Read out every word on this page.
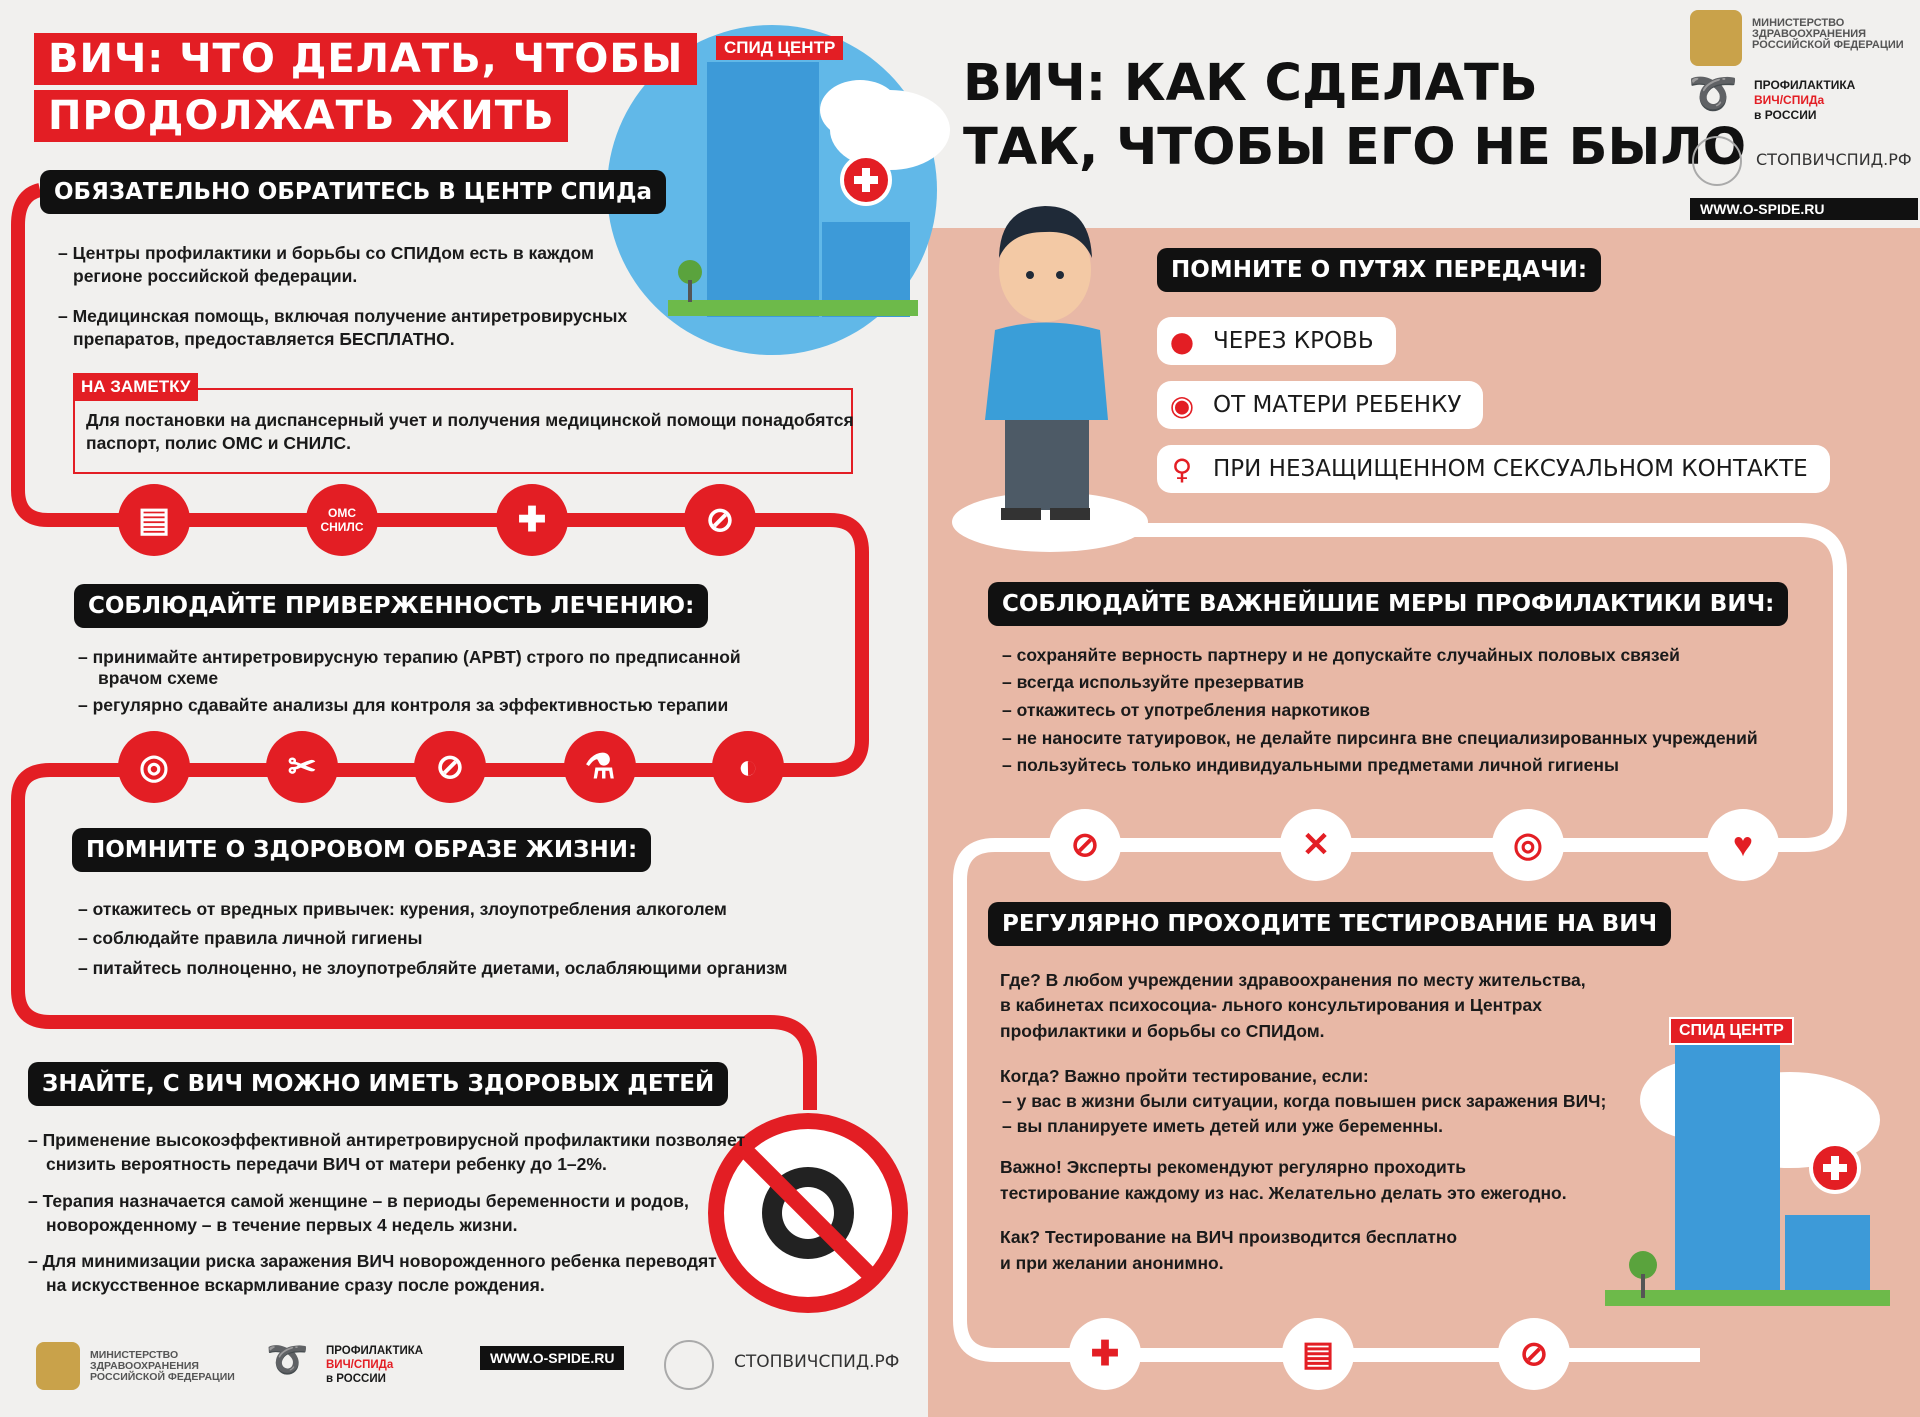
ВИЧ: ЧТО ДЕЛАТЬ, ЧТОБЫ
ПРОДОЛЖАТЬ ЖИТЬ
СПИД ЦЕНТР
ОБЯЗАТЕЛЬНО ОБРАТИТЕСЬ В ЦЕНТР СПИДа
– Центры профилактики и борьбы со СПИДом есть в каждом
регионе российской федерации.
– Медицинская помощь, включая получение антиретровирусных
препаратов, предоставляется БЕСПЛАТНО.
НА ЗАМЕТКУ
Для постановки на диспансерный учет и получения медицинской помощи понадобятся
паспорт, полис ОМС и СНИЛС.
▤	ОМС
СНИЛС	✚	⊘
СОБЛЮДАЙТЕ ПРИВЕРЖЕННОСТЬ ЛЕЧЕНИЮ:
– принимайте антиретровирусную терапию (АРВТ) строго по предписанной
врачом схеме
– регулярно сдавайте анализы для контроля за эффективностью терапии
◎	✂	⊘	⚗	◐
ПОМНИТЕ О ЗДОРОВОМ ОБРАЗЕ ЖИЗНИ:
– откажитесь от вредных привычек: курения, злоупотребления алкоголем
– соблюдайте правила личной гигиены
– питайтесь полноценно, не злоупотребляйте диетами, ослабляющими организм
ЗНАЙТЕ, С ВИЧ МОЖНО ИМЕТЬ ЗДОРОВЫХ ДЕТЕЙ
– Применение высокоэффективной антиретровирусной профилактики позволяет
снизить вероятность передачи ВИЧ от матери ребенку до 1–2%.
– Терапия назначается самой женщине – в периоды беременности и родов,
новорожденному – в течение первых 4 недель жизни.
– Для минимизации риска заражения ВИЧ новорожденного ребенка переводят
на искусственное вскармливание сразу после рождения.
МИНИСТЕРСТВО
ЗДРАВООХРАНЕНИЯ
РОССИЙСКОЙ ФЕДЕРАЦИИ ➰ ПРОФИЛАКТИКА
ВИЧ/СПИДа
в РОССИИ
WWW.O-SPIDE.RU	СТОПВИЧСПИД.РФ
ВИЧ: КАК СДЕЛАТЬ
ТАК, ЧТОБЫ ЕГО НЕ БЫЛО
МИНИСТЕРСТВО
ЗДРАВООХРАНЕНИЯ
РОССИЙСКОЙ ФЕДЕРАЦИИ
➰ ПРОФИЛАКТИКА
ВИЧ/СПИДа
в РОССИИ
СТОПВИЧСПИД.РФ
WWW.O-SPIDE.RU
ПОМНИТЕ О ПУТЯХ ПЕРЕДАЧИ:
● ЧЕРЕЗ КРОВЬ
◉ ОТ МАТЕРИ РЕБЕНКУ
♀ ПРИ НЕЗАЩИЩЕННОМ СЕКСУАЛЬНОМ КОНТАКТЕ
СОБЛЮДАЙТЕ ВАЖНЕЙШИЕ МЕРЫ ПРОФИЛАКТИКИ ВИЧ:
– сохраняйте верность партнеру и не допускайте случайных половых связей
– всегда используйте презерватив
– откажитесь от употребления наркотиков
– не наносите татуировок, не делайте пирсинга вне специализированных учреждений
– пользуйтесь только индивидуальными предметами личной гигиены
⊘	✕	◎	♥
РЕГУЛЯРНО ПРОХОДИТЕ ТЕСТИРОВАНИЕ НА ВИЧ
Где? В любом учреждении здравоохранения по месту жительства,
в кабинетах психосоциа- льного консультирования и Центрах
профилактики и борьбы со СПИДом.
Когда? Важно пройти тестирование, если:
– у вас в жизни были ситуации, когда повышен риск заражения ВИЧ;
– вы планируете иметь детей или уже беременны.
Важно! Эксперты рекомендуют регулярно проходить
тестирование каждому из нас. Желательно делать это ежегодно.
Как? Тестирование на ВИЧ производится бесплатно
и при желании анонимно.
СПИД ЦЕНТР
✚	▤	⊘
